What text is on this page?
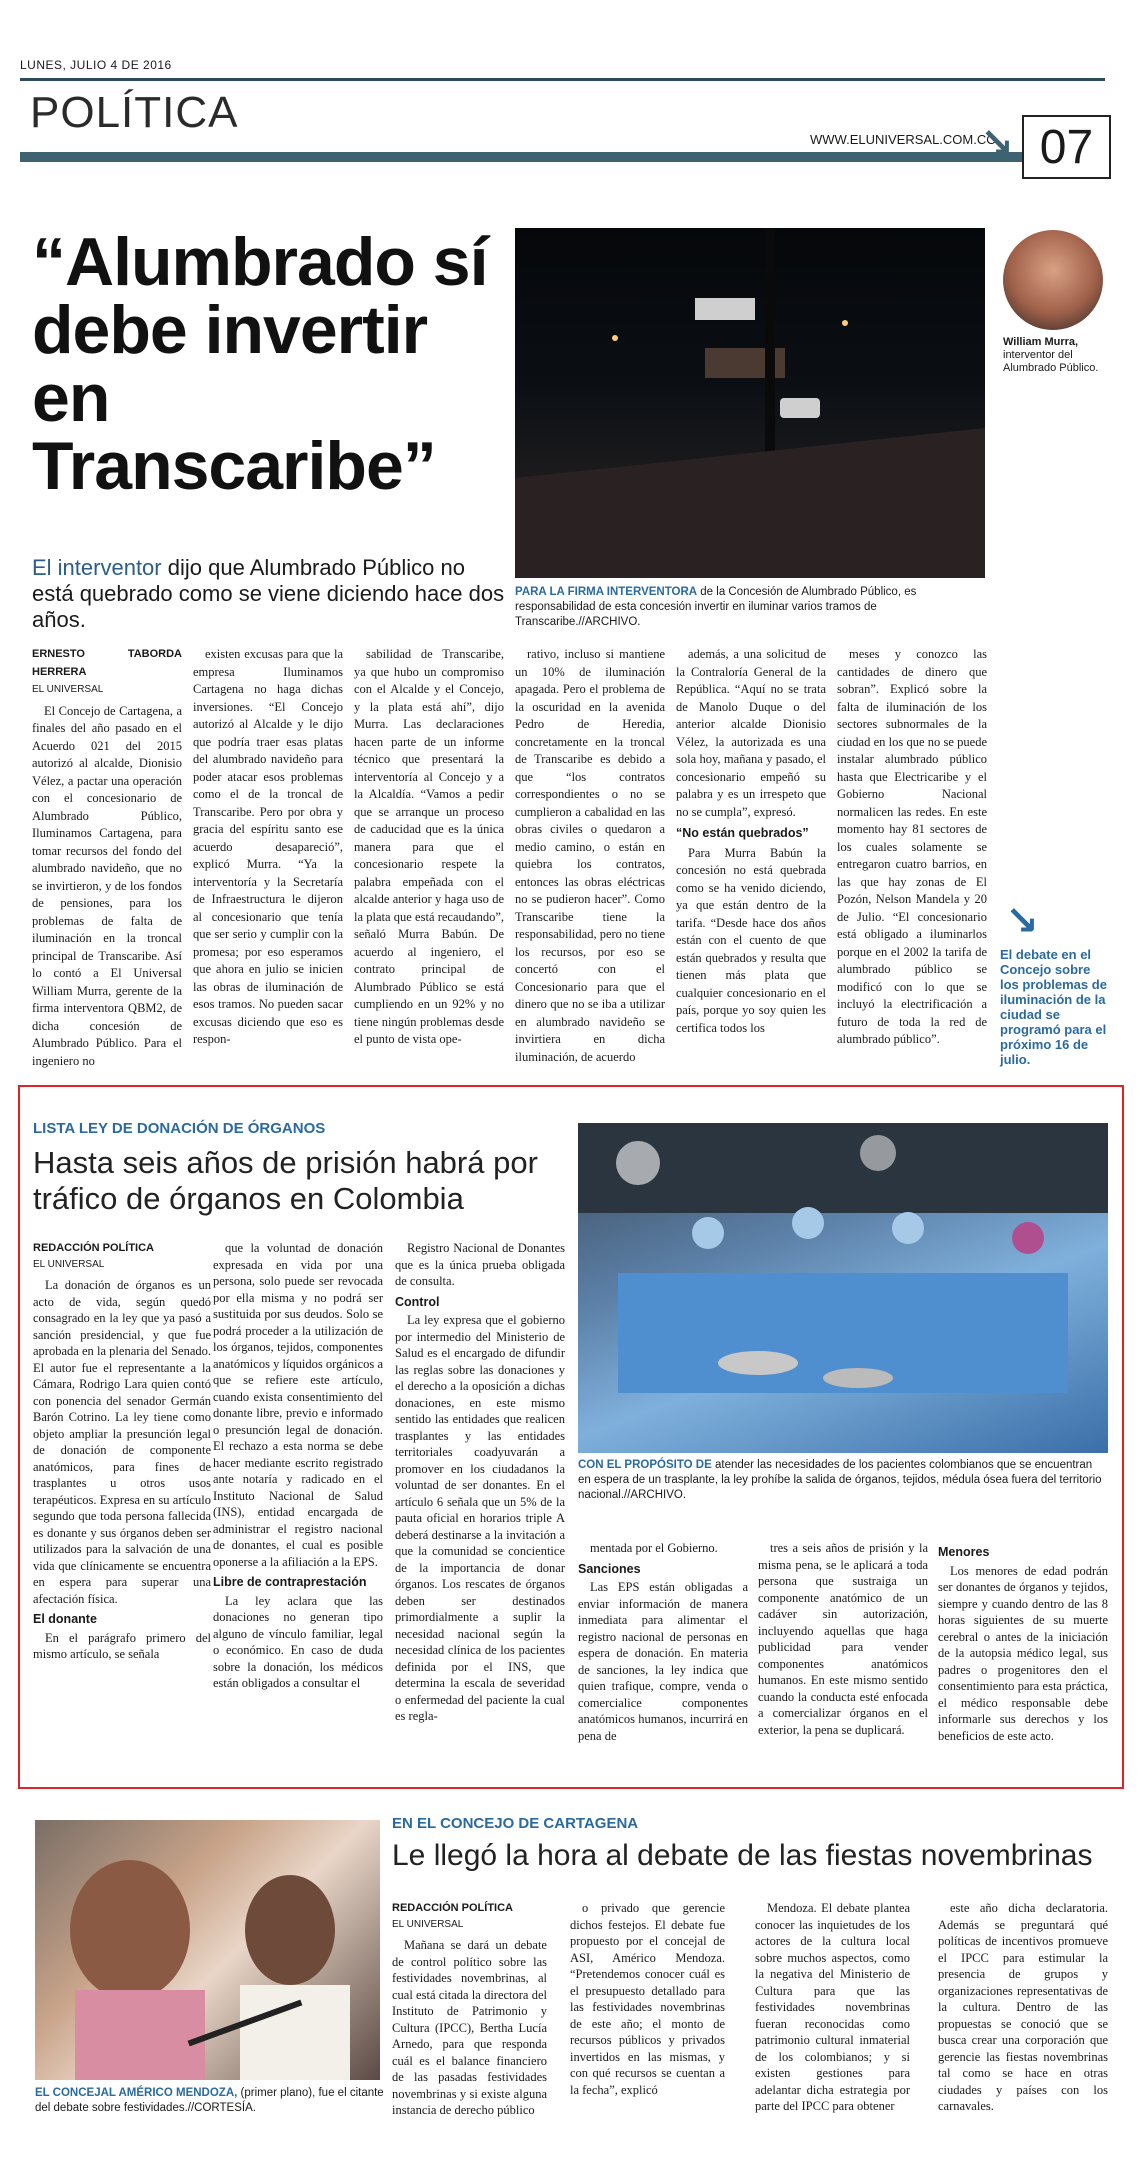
LUNES, JULIO 4 DE 2016
POLÍTICA
WWW.ELUNIVERSAL.COM.CO
↘ 07
“Alumbrado sí debe invertir en Transcaribe”
El interventor dijo que Alumbrado Público no está quebrado como se viene diciendo hace dos años.
PARA LA FIRMA INTERVENTORA de la Concesión de Alumbrado Público, es responsabilidad de esta concesión invertir en iluminar varios tramos de Transcaribe.//ARCHIVO.
William Murra,
interventor del Alumbrado Público.
ERNESTO TABORDA HERRERA
EL UNIVERSAL

El Concejo de Cartagena, a finales del año pasado en el Acuerdo 021 del 2015 autorizó al alcalde, Dionisio Vélez, a pactar una operación con el concesionario de Alumbrado Público, Iluminamos Cartagena, para tomar recursos del fondo del alumbrado navideño, que no se invirtieron, y de los fondos de pensiones, para los problemas de falta de iluminación en la troncal principal de Transcaribe. Así lo contó a El Universal William Murra, gerente de la firma interventora QBM2, de dicha concesión de Alumbrado Público. Para el ingeniero no

existen excusas para que la empresa Iluminamos Cartagena no haga dichas inversiones. “El Concejo autorizó al Alcalde y le dijo que podría traer esas platas del alumbrado navideño para poder atacar esos problemas como el de la troncal de Transcaribe. Pero por obra y gracia del espíritu santo ese acuerdo desapareció”, explicó Murra. “Ya la interventoría y la Secretaría de Infraestructura le dijeron al concesionario que tenía que ser serio y cumplir con la promesa; por eso esperamos que ahora en julio se inicien las obras de iluminación de esos tramos. No pueden sacar excusas diciendo que eso es respon-

sabilidad de Transcaribe, ya que hubo un compromiso con el Alcalde y el Concejo, y la plata está ahí”, dijo Murra. Las declaraciones hacen parte de un informe técnico que presentará la interventoría al Concejo y a la Alcaldía. “Vamos a pedir que se arranque un proceso de caducidad que es la única manera para que el concesionario respete la palabra empeñada con el alcalde anterior y haga uso de la plata que está recaudando”, señaló Murra Babún. De acuerdo al ingeniero, el contrato principal de Alumbrado Público se está cumpliendo en un 92% y no tiene ningún problemas desde el punto de vista ope-

rativo, incluso si mantiene un 10% de iluminación apagada. Pero el problema de la oscuridad en la avenida Pedro de Heredia, concretamente en la troncal de Transcaribe es debido a que “los contratos correspondientes o no se cumplieron a cabalidad en las obras civiles o quedaron a medio camino, o están en quiebra los contratos, entonces las obras eléctricas no se pudieron hacer”. Como Transcaribe tiene la responsabilidad, pero no tiene los recursos, por eso se concertó con el Concesionario para que el dinero que no se iba a utilizar en alumbrado navideño se invirtiera en dicha iluminación, de acuerdo

además, a una solicitud de la Contraloría General de la República. “Aquí no se trata de Manolo Duque o del anterior alcalde Dionisio Vélez, la autorizada es una sola hoy, mañana y pasado, el concesionario empeñó su palabra y es un irrespeto que no se cumpla”, expresó.

“No están quebrados”

Para Murra Babún la concesión no está quebrada como se ha venido diciendo, ya que están dentro de la tarifa. “Desde hace dos años están con el cuento de que están quebrados y resulta que tienen más plata que cualquier concesionario en el país, porque yo soy quien les certifica todos los

meses y conozco las cantidades de dinero que sobran”. Explicó sobre la falta de iluminación de los sectores subnormales de la ciudad en los que no se puede instalar alumbrado público hasta que Electricaribe y el Gobierno Nacional normalicen las redes. En este momento hay 81 sectores de los cuales solamente se entregaron cuatro barrios, en las que hay zonas de El Pozón, Nelson Mandela y 20 de Julio. “El concesionario está obligado a iluminarlos porque en el 2002 la tarifa de alumbrado público se modificó con lo que se incluyó la electrificación a futuro de toda la red de alumbrado público”.

↘
El debate en el Concejo sobre los problemas de iluminación de la ciudad se programó para el próximo 16 de julio.
LISTA LEY DE DONACIÓN DE ÓRGANOS
Hasta seis años de prisión habrá por tráfico de órganos en Colombia
CON EL PROPÓSITO DE atender las necesidades de los pacientes colombianos que se encuentran en espera de un trasplante, la ley prohíbe la salida de órganos, tejidos, médula ósea fuera del territorio nacional.//ARCHIVO.
REDACCIÓN POLÍTICA
EL UNIVERSAL

La donación de órganos es un acto de vida, según quedó consagrado en la ley que ya pasó a sanción presidencial, y que fue aprobada en la plenaria del Senado. El autor fue el representante a la Cámara, Rodrigo Lara quien contó con ponencia del senador Germán Barón Cotrino. La ley tiene como objeto ampliar la presunción legal de donación de componente anatómicos, para fines de trasplantes u otros usos terapéuticos. Expresa en su artículo segundo que toda persona fallecida es donante y sus órganos deben ser utilizados para la salvación de una vida que clínicamente se encuentra en espera para superar una afectación física.

El donante

En el parágrafo primero del mismo artículo, se señala

que la voluntad de donación expresada en vida por una persona, solo puede ser revocada por ella misma y no podrá ser sustituida por sus deudos. Solo se podrá proceder a la utilización de los órganos, tejidos, componentes anatómicos y líquidos orgánicos a que se refiere este artículo, cuando exista consentimiento del donante libre, previo e informado o presunción legal de donación. El rechazo a esta norma se debe hacer mediante escrito registrado ante notaría y radicado en el Instituto Nacional de Salud (INS), entidad encargada de administrar el registro nacional de donantes, el cual es posible oponerse a la afiliación a la EPS.

Libre de contraprestación

La ley aclara que las donaciones no generan tipo alguno de vínculo familiar, legal o económico. En caso de duda sobre la donación, los médicos están obligados a consultar el

Registro Nacional de Donantes que es la única prueba obligada de consulta.

Control

La ley expresa que el gobierno por intermedio del Ministerio de Salud es el encargado de difundir las reglas sobre las donaciones y el derecho a la oposición a dichas donaciones, en este mismo sentido las entidades que realicen trasplantes y las entidades territoriales coadyuvarán a promover en los ciudadanos la voluntad de ser donantes. En el artículo 6 señala que un 5% de la pauta oficial en horarios triple A deberá destinarse a la invitación a que la comunidad se concientice de la importancia de donar órganos. Los rescates de órganos deben ser destinados primordialmente a suplir la necesidad nacional según la necesidad clínica de los pacientes definida por el INS, que determina la escala de severidad o enfermedad del paciente la cual es regla-

mentada por el Gobierno.

Sanciones

Las EPS están obligadas a enviar información de manera inmediata para alimentar el registro nacional de personas en espera de donación. En materia de sanciones, la ley indica que quien trafique, compre, venda o comercialice componentes anatómicos humanos, incurrirá en pena de

tres a seis años de prisión y la misma pena, se le aplicará a toda persona que sustraiga un componente anatómico de un cadáver sin autorización, incluyendo aquellas que haga publicidad para vender componentes anatómicos humanos. En este mismo sentido cuando la conducta esté enfocada a comercializar órganos en el exterior, la pena se duplicará.

Menores

Los menores de edad podrán ser donantes de órganos y tejidos, siempre y cuando dentro de las 8 horas siguientes de su muerte cerebral o antes de la iniciación de la autopsia médico legal, sus padres o progenitores den el consentimiento para esta práctica, el médico responsable debe informarle sus derechos y los beneficios de este acto.

EL CONCEJAL AMÉRICO MENDOZA, (primer plano), fue el citante del debate sobre festividades.//CORTESÍA.
EN EL CONCEJO DE CARTAGENA
Le llegó la hora al debate de las fiestas novembrinas
REDACCIÓN POLÍTICA
EL UNIVERSAL

Mañana se dará un debate de control político sobre las festividades novembrinas, al cual está citada la directora del Instituto de Patrimonio y Cultura (IPCC), Bertha Lucía Arnedo, para que responda cuál es el balance financiero de las pasadas festividades novembrinas y si existe alguna instancia de derecho público

o privado que gerencie dichos festejos. El debate fue propuesto por el concejal de ASI, Américo Mendoza. “Pretendemos conocer cuál es el presupuesto detallado para las festividades novembrinas de este año; el monto de recursos públicos y privados invertidos en las mismas, y con qué recursos se cuentan a la fecha”, explicó

Mendoza. El debate plantea conocer las inquietudes de los actores de la cultura local sobre muchos aspectos, como la negativa del Ministerio de Cultura para que las festividades novembrinas fueran reconocidas como patrimonio cultural inmaterial de los colombianos; y si existen gestiones para adelantar dicha estrategia por parte del IPCC para obtener

este año dicha declaratoria. Además se preguntará qué políticas de incentivos promueve el IPCC para estimular la presencia de grupos y organizaciones representativas de la cultura. Dentro de las propuestas se conoció que se busca crear una corporación que gerencie las fiestas novembrinas tal como se hace en otras ciudades y países con los carnavales.
